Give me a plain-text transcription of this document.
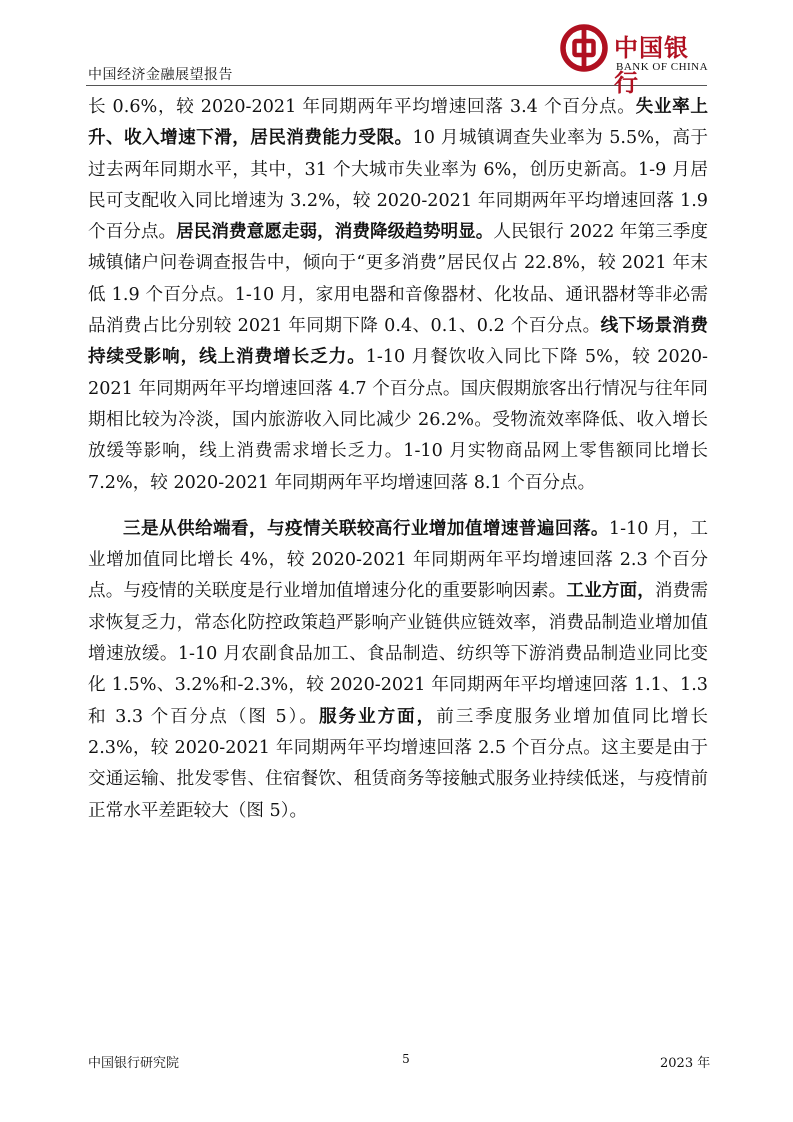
中国经济金融展望报告
中国银行
BANK OF CHINA

长 0.6%，较 2020-2021 年同期两年平均增速回落 3.4 个百分点。失业率上升、收入增速下滑，居民消费能力受限。10 月城镇调查失业率为 5.5%，高于过去两年同期水平，其中，31 个大城市失业率为 6%，创历史新高。1-9 月居民可支配收入同比增速为 3.2%，较 2020-2021 年同期两年平均增速回落 1.9 个百分点。居民消费意愿走弱，消费降级趋势明显。人民银行 2022 年第三季度城镇储户问卷调查报告中，倾向于“更多消费”居民仅占 22.8%，较 2021 年末低 1.9 个百分点。1-10 月，家用电器和音像器材、化妆品、通讯器材等非必需品消费占比分别较 2021 年同期下降 0.4、0.1、0.2 个百分点。线下场景消费持续受影响，线上消费增长乏力。1-10 月餐饮收入同比下降 5%，较 2020-2021 年同期两年平均增速回落 4.7 个百分点。国庆假期旅客出行情况与往年同期相比较为冷淡，国内旅游收入同比减少 26.2%。受物流效率降低、收入增长放缓等影响，线上消费需求增长乏力。1-10 月实物商品网上零售额同比增长 7.2%，较 2020-2021 年同期两年平均增速回落 8.1 个百分点。

三是从供给端看，与疫情关联较高行业增加值增速普遍回落。1-10 月，工业增加值同比增长 4%，较 2020-2021 年同期两年平均增速回落 2.3 个百分点。与疫情的关联度是行业增加值增速分化的重要影响因素。工业方面，消费需求恢复乏力，常态化防控政策趋严影响产业链供应链效率，消费品制造业增加值增速放缓。1-10 月农副食品加工、食品制造、纺织等下游消费品制造业同比变化 1.5%、3.2%和-2.3%，较 2020-2021 年同期两年平均增速回落 1.1、1.3 和 3.3 个百分点（图 5）。服务业方面，前三季度服务业增加值同比增长 2.3%，较 2020-2021 年同期两年平均增速回落 2.5 个百分点。这主要是由于交通运输、批发零售、住宿餐饮、租赁商务等接触式服务业持续低迷，与疫情前正常水平差距较大（图 5）。

中国银行研究院	5	2023 年
